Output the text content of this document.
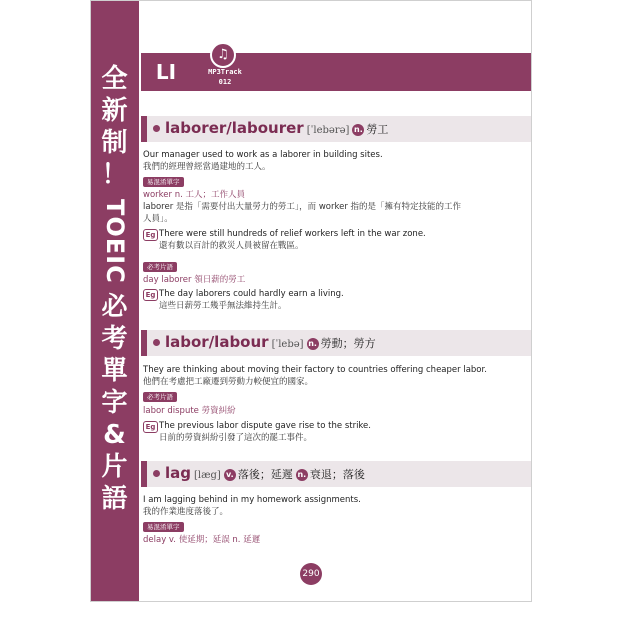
全
新
制
！
TOEIC
必
考
單
字
&
片
語
LI
♫
MP3Track
012
laborer/labourer [ˈlebərə] n. 勞工
Our manager used to work as a laborer in building sites.
我們的經理曾經當過建地的工人。
易混淆單字
worker n. 工人；工作人員
laborer 是指「需要付出大量勞力的勞工」，而 worker 指的是「擁有特定技能的工作
人員」。
Eg There were still hundreds of relief workers left in the war zone.
還有數以百計的救災人員被留在戰區。
必考片語
day laborer 領日薪的勞工
Eg The day laborers could hardly earn a living.
這些日薪勞工幾乎無法維持生計。
labor/labour [ˈlebə] n. 勞動；勞方
They are thinking about moving their factory to countries offering cheaper labor.
他們在考慮把工廠遷到勞動力較便宜的國家。
必考片語
labor dispute 勞資糾紛
Eg The previous labor dispute gave rise to the strike.
日前的勞資糾紛引發了這次的罷工事件。
lag [læg] v. 落後；延遲 n. 衰退；落後
I am lagging behind in my homework assignments.
我的作業進度落後了。
易混淆單字
delay v. 使延期；延誤 n. 延遲
290
